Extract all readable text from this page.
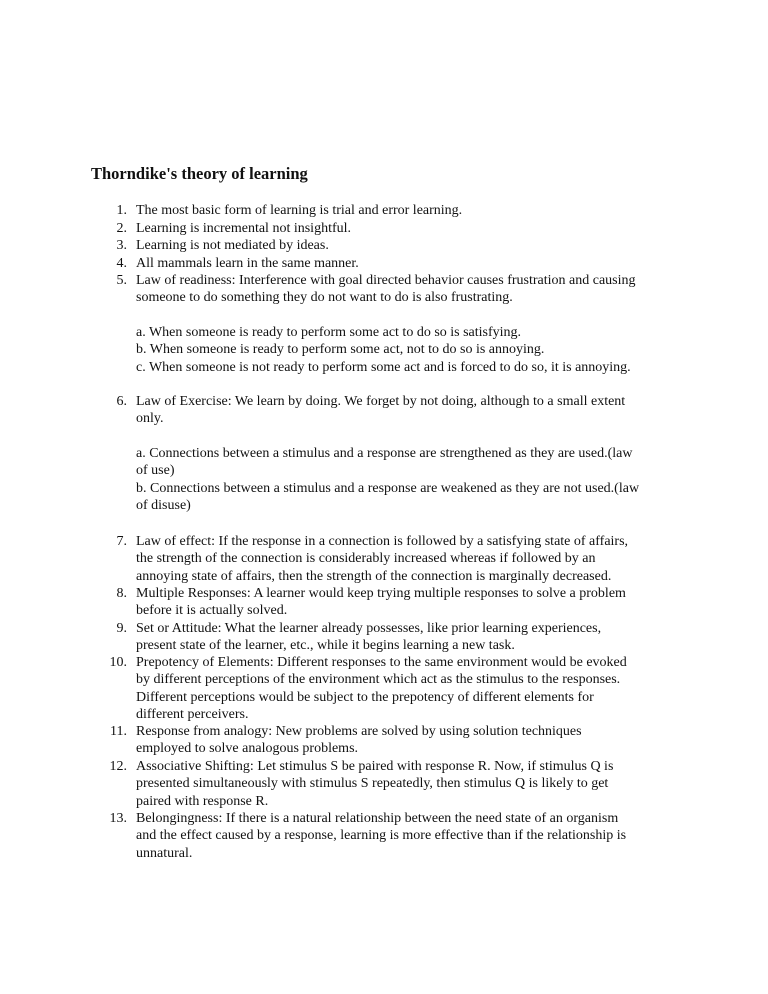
Thorndike's theory of learning
1. The most basic form of learning is trial and error learning.
2. Learning is incremental not insightful.
3. Learning is not mediated by ideas.
4. All mammals learn in the same manner.
5. Law of readiness: Interference with goal directed behavior causes frustration and causing
someone to do something they do not want to do is also frustrating.
6. Law of Exercise: We learn by doing. We forget by not doing, although to a small extent
only.
7. Law of effect: If the response in a connection is followed by a satisfying state of affairs,
the strength of the connection is considerably increased whereas if followed by an
annoying state of affairs, then the strength of the connection is marginally decreased.
8. Multiple Responses: A learner would keep trying multiple responses to solve a problem
before it is actually solved.
9. Set or Attitude: What the learner already possesses, like prior learning experiences,
present state of the learner, etc., while it begins learning a new task.
10. Prepotency of Elements: Different responses to the same environment would be evoked
by different perceptions of the environment which act as the stimulus to the responses.
Different perceptions would be subject to the prepotency of different elements for
different perceivers.
11. Response from analogy: New problems are solved by using solution techniques
employed to solve analogous problems.
12. Associative Shifting: Let stimulus S be paired with response R. Now, if stimulus Q is
presented simultaneously with stimulus S repeatedly, then stimulus Q is likely to get
paired with response R.
13. Belongingness: If there is a natural relationship between the need state of an organism
and the effect caused by a response, learning is more effective than if the relationship is
unnatural.
a. When someone is ready to perform some act to do so is satisfying.
b. When someone is ready to perform some act, not to do so is annoying.
c. When someone is not ready to perform some act and is forced to do so, it is annoying.
a. Connections between a stimulus and a response are strengthened as they are used.(law
of use)
b. Connections between a stimulus and a response are weakened as they are not used.(law
of disuse)
